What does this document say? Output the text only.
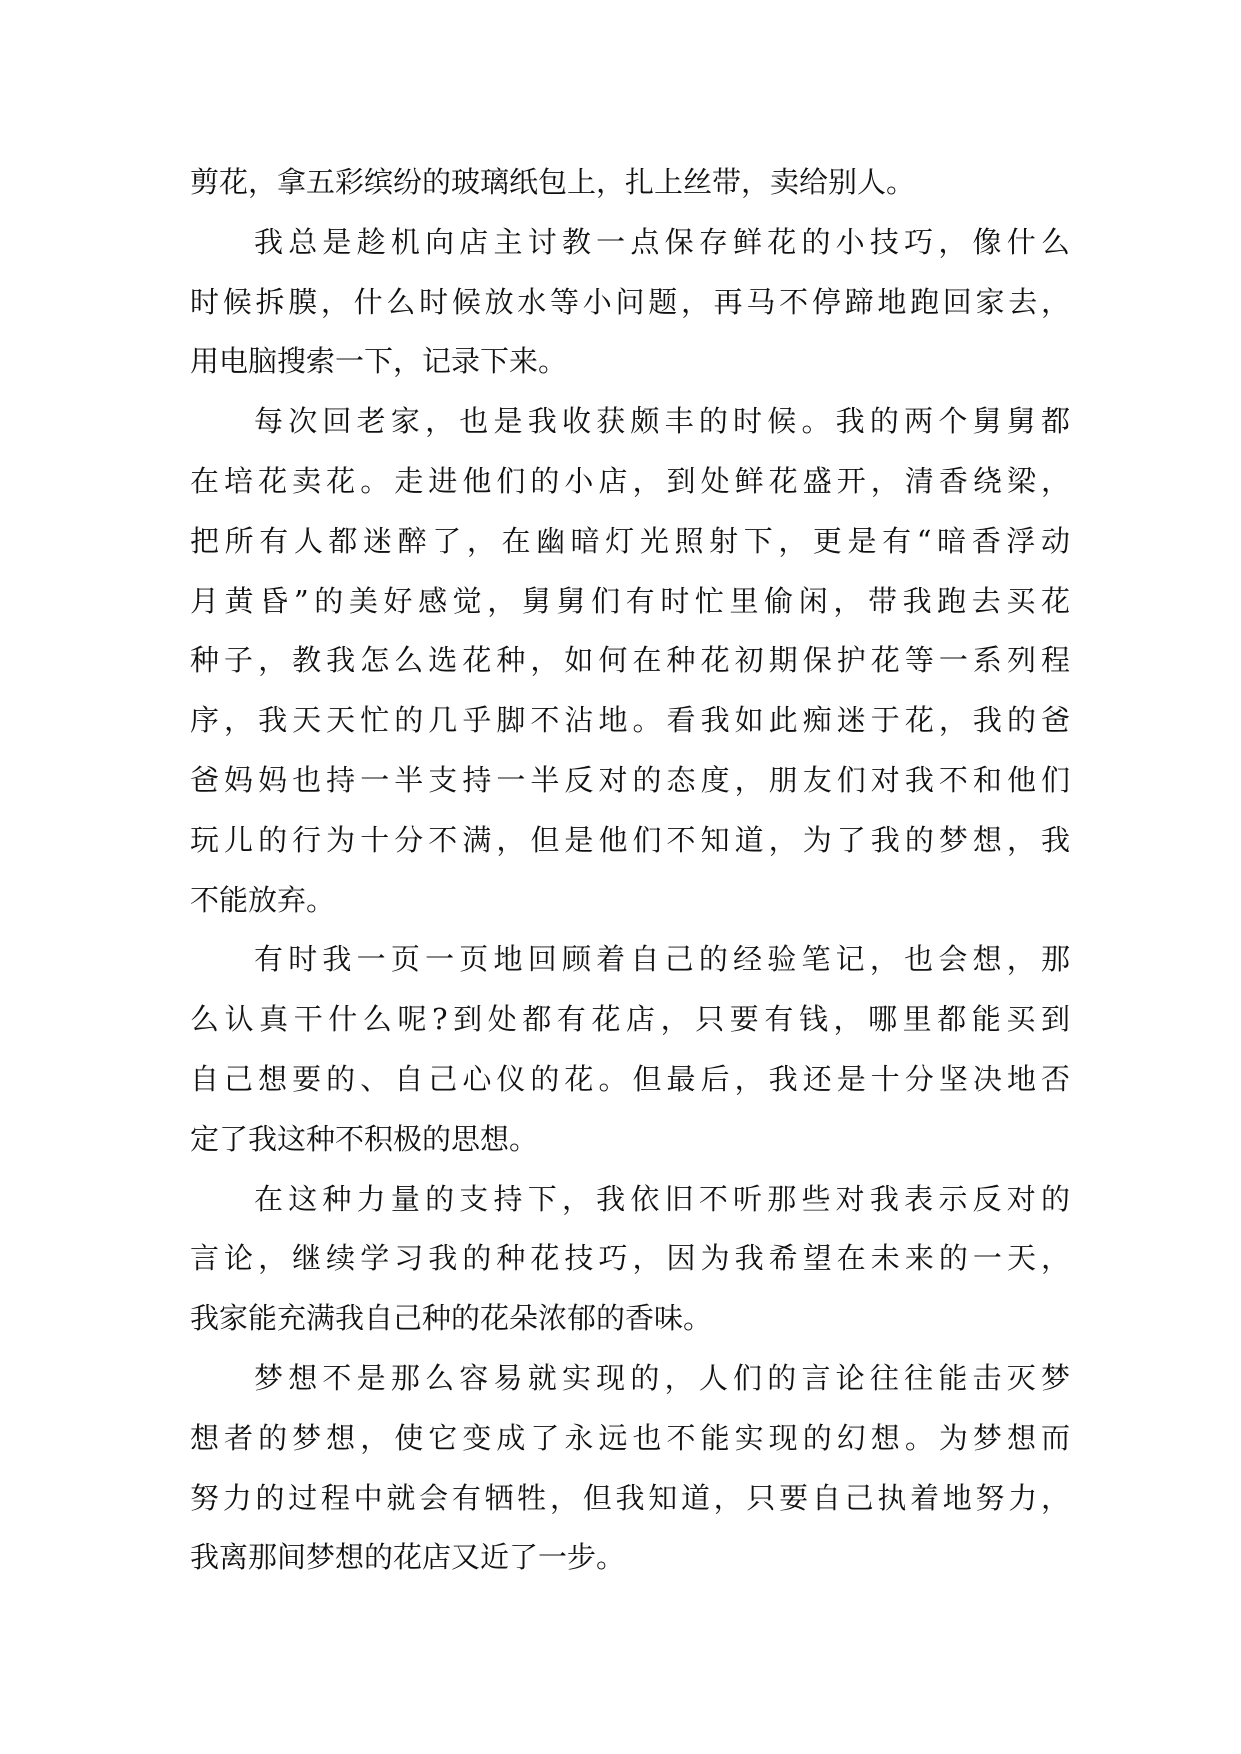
剪花，拿五彩缤纷的玻璃纸包上，扎上丝带，卖给别人。
我总是趁机向店主讨教一点保存鲜花的小技巧，像什么
时候拆膜，什么时候放水等小问题，再马不停蹄地跑回家去，
用电脑搜索一下，记录下来。
每次回老家，也是我收获颇丰的时候。我的两个舅舅都
在培花卖花。走进他们的小店，到处鲜花盛开，清香绕梁，
把所有人都迷醉了，在幽暗灯光照射下，更是有“暗香浮动
月黄昏”的美好感觉，舅舅们有时忙里偷闲，带我跑去买花
种子，教我怎么选花种，如何在种花初期保护花等一系列程
序，我天天忙的几乎脚不沾地。看我如此痴迷于花，我的爸
爸妈妈也持一半支持一半反对的态度，朋友们对我不和他们
玩儿的行为十分不满，但是他们不知道，为了我的梦想，我
不能放弃。
有时我一页一页地回顾着自己的经验笔记，也会想，那
么认真干什么呢?到处都有花店，只要有钱，哪里都能买到
自己想要的、自己心仪的花。但最后，我还是十分坚决地否
定了我这种不积极的思想。
在这种力量的支持下，我依旧不听那些对我表示反对的
言论，继续学习我的种花技巧，因为我希望在未来的一天，
我家能充满我自己种的花朵浓郁的香味。
梦想不是那么容易就实现的，人们的言论往往能击灭梦
想者的梦想，使它变成了永远也不能实现的幻想。为梦想而
努力的过程中就会有牺牲，但我知道，只要自己执着地努力，
我离那间梦想的花店又近了一步。
